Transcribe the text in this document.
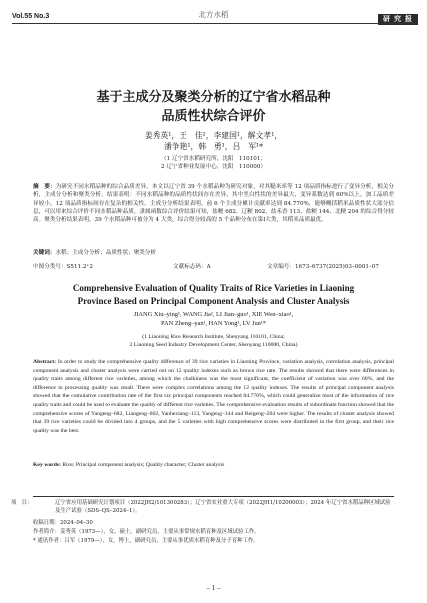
Vol.55 No.3	北方水稻
研 究 报 告
基于主成分及聚类分析的辽宁省水稻品种
品质性状综合评价
姜秀英¹，王　佳²，李建国¹，解文孝¹，
潘争艳¹，韩　勇¹，吕　军¹*
（1 辽宁省水稻研究所，沈阳　110101；
2 辽宁省种业发展中心，沈阳　110000）
摘　要：为研究不同水稻品种的综合品质差异，本文以辽宁省 39 个水稻品种为研究对象，对其糙米率等 12 项品质指标进行了变异分析，相关分析，主成分分析和聚类分析。结果表明：不同水稻品种的品质性状间存在差异，其中垩白性状的差异最大，变异系数达到 60%以上，加工品质差异较小。12 项品质指标间存在复杂的相关性。主成分分析结果表明，前 6 个主成分累计贡献率达到 84.770%，能够概括稻米品质性状大部分信息，可以用来综合评价不同水稻品种品质。隶属函数综合评价结果可知，盐粳 682、辽粳 802、盐禾香 113、盐粳 144、北粳 204 的综合得分较高。聚类分析结果表明，39 个水稻品种可被分为 4 大类，综合得分较高的 5 个品种分布在第Ⅰ大类，其稻米品质最优。
关键词：水稻；主成分分析；品质性状；聚类分析
中图分类号：S511.2⁺2	文献标志码：A	文章编号：1673–6737(2025)03–0001–07
Comprehensive Evaluation of Quality Traits of Rice Varieties in Liaoning
Province Based on Principal Component Analysis and Cluster Analysis
JIANG Xiu–ying¹, WANG Jia², LI Jian–guo¹, XIE Wen–xiao¹,
PAN Zheng–yan¹, HAN Yong¹, LV Jun¹*
(1 Liaoning Rice Research Institute, Shenyang 110101, China;
2 Liaoning Seed Industry Development Center, Shenyang 110000, China)
Abstract: In order to study the comprehensive quality difference of 39 rice varieties in Liaoning Province, variation analysis, correlation analysis, principal component analysis and cluster analysis were carried out on 12 quality indexes such as brown rice rate. The results showed that there were differences in quality traits among different rice varieties, among which the chalkiness was the most significant, the coefficient of variation was over 60%, and the difference in processing quality was small. There were complex correlations among the 12 quality indexes. The results of principal component analysis showed that the cumulative contribution rate of the first six principal components reached 84.770%, which could generalize most of the information of rice quality traits and could be used to evaluate the quality of different rice varieties. The comprehensive evaluation results of subordinate function showed that the comprehensive scores of Yangeng–682, Liaogeng–802, Yanhexiang–113, Yangeng–144 and Beigeng–204 were higher. The results of cluster analysis showed that 39 rice varieties could be divided into 4 groups, and the 5 varieties with high comprehensive scores were distributed in the first group, and their rice quality was the best.
Key words: Rice; Principal component analysis; Quality character; Cluster analysis
项　目：	辽宁省应用基础研究计划项目（2022JH2/101300283）；辽宁省农业重大专项（2022JH1/10200003）；2024 年辽宁省水稻品种区域试验及生产试验（SDS–QS–2024–1）。
收稿日期：2024–04–30
作者简介：姜秀英（1973—），女，硕士，副研究员，主要从事常规水稻育种及区域试验工作。
* 通讯作者：吕军（1979—），女，博士，副研究员，主要从事优质水稻育种及分子育种工作。
– 1 –
